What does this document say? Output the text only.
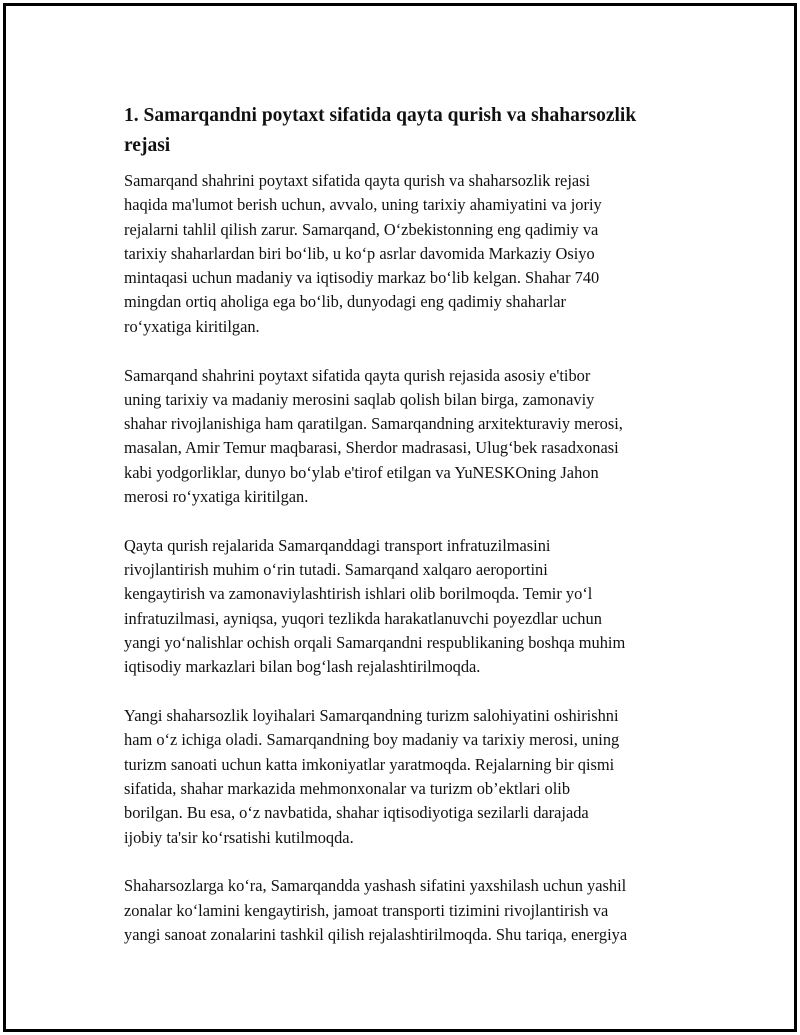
1. Samarqandni poytaxt sifatida qayta qurish va shaharsozlik
rejasi

Samarqand shahrini poytaxt sifatida qayta qurish va shaharsozlik rejasi
haqida ma'lumot berish uchun, avvalo, uning tarixiy ahamiyatini va joriy
rejalarni tahlil qilish zarur. Samarqand, O‘zbekistonning eng qadimiy va
tarixiy shaharlardan biri bo‘lib, u ko‘p asrlar davomida Markaziy Osiyo
mintaqasi uchun madaniy va iqtisodiy markaz bo‘lib kelgan. Shahar 740
mingdan ortiq aholiga ega bo‘lib, dunyodagi eng qadimiy shaharlar
ro‘yxatiga kiritilgan.

Samarqand shahrini poytaxt sifatida qayta qurish rejasida asosiy e'tibor
uning tarixiy va madaniy merosini saqlab qolish bilan birga, zamonaviy
shahar rivojlanishiga ham qaratilgan. Samarqandning arxitekturaviy merosi,
masalan, Amir Temur maqbarasi, Sherdor madrasasi, Ulug‘bek rasadxonasi
kabi yodgorliklar, dunyo bo‘ylab e'tirof etilgan va YuNESKOning Jahon
merosi ro‘yxatiga kiritilgan.

Qayta qurish rejalarida Samarqanddagi transport infratuzilmasini
rivojlantirish muhim o‘rin tutadi. Samarqand xalqaro aeroportini
kengaytirish va zamonaviylashtirish ishlari olib borilmoqda. Temir yo‘l
infratuzilmasi, ayniqsa, yuqori tezlikda harakatlanuvchi poyezdlar uchun
yangi yo‘nalishlar ochish orqali Samarqandni respublikaning boshqa muhim
iqtisodiy markazlari bilan bog‘lash rejalashtirilmoqda.

Yangi shaharsozlik loyihalari Samarqandning turizm salohiyatini oshirishni
ham o‘z ichiga oladi. Samarqandning boy madaniy va tarixiy merosi, uning
turizm sanoati uchun katta imkoniyatlar yaratmoqda. Rejalarning bir qismi
sifatida, shahar markazida mehmonxonalar va turizm ob’ektlari olib
borilgan. Bu esa, o‘z navbatida, shahar iqtisodiyotiga sezilarli darajada
ijobiy ta'sir ko‘rsatishi kutilmoqda.

Shaharsozlarga ko‘ra, Samarqandda yashash sifatini yaxshilash uchun yashil
zonalar ko‘lamini kengaytirish, jamoat transporti tizimini rivojlantirish va
yangi sanoat zonalarini tashkil qilish rejalashtirilmoqda. Shu tariqa, energiya
